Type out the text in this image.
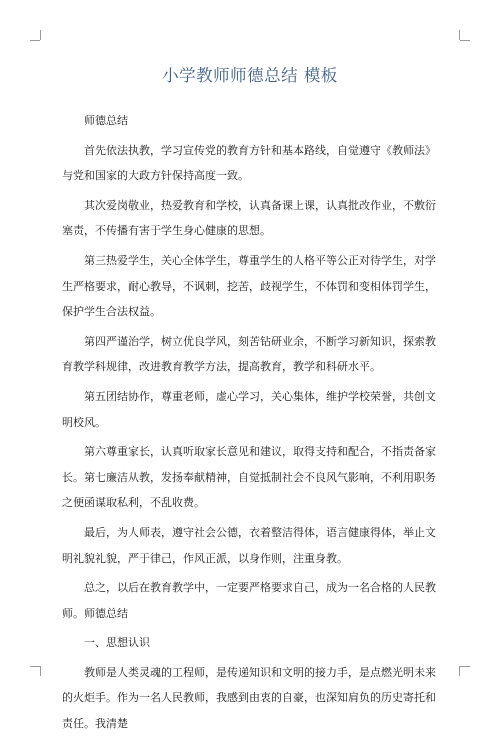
小学教师师德总结 模板

师德总结

首先依法执教，学习宣传党的教育方针和基本路线，自觉遵守《教师法》与党和国家的大政方针保持高度一致。

其次爱岗敬业，热爱教育和学校，认真备课上课，认真批改作业，不敷衍塞责，不传播有害于学生身心健康的思想。

第三热爱学生，关心全体学生，尊重学生的人格平等公正对待学生，对学生严格要求，耐心教导，不讽刺，挖苦，歧视学生，不体罚和变相体罚学生，保护学生合法权益。

第四严谨治学，树立优良学风，刻苦钻研业余，不断学习新知识，探索教育教学科规律，改进教育教学方法，提高教育，教学和科研水平。

第五团结协作，尊重老师，虚心学习，关心集体，维护学校荣誉，共创文明校风。

第六尊重家长，认真听取家长意见和建议，取得支持和配合，不指责备家长。第七廉洁从教，发扬奉献精神，自觉抵制社会不良风气影响，不利用职务之便函谋取私利，不乱收费。

最后，为人师表，遵守社会公德，衣着整洁得体，语言健康得体，举止文明礼貌礼貌，严于律己，作风正派，以身作则，注重身教。

总之，以后在教育教学中，一定要严格要求自己，成为一名合格的人民教师。师德总结

一、思想认识

教师是人类灵魂的工程师，是传递知识和文明的接力手，是点燃光明未来的火炬手。作为一名人民教师，我感到由衷的自豪，也深知肩负的历史寄托和责任。我清楚
